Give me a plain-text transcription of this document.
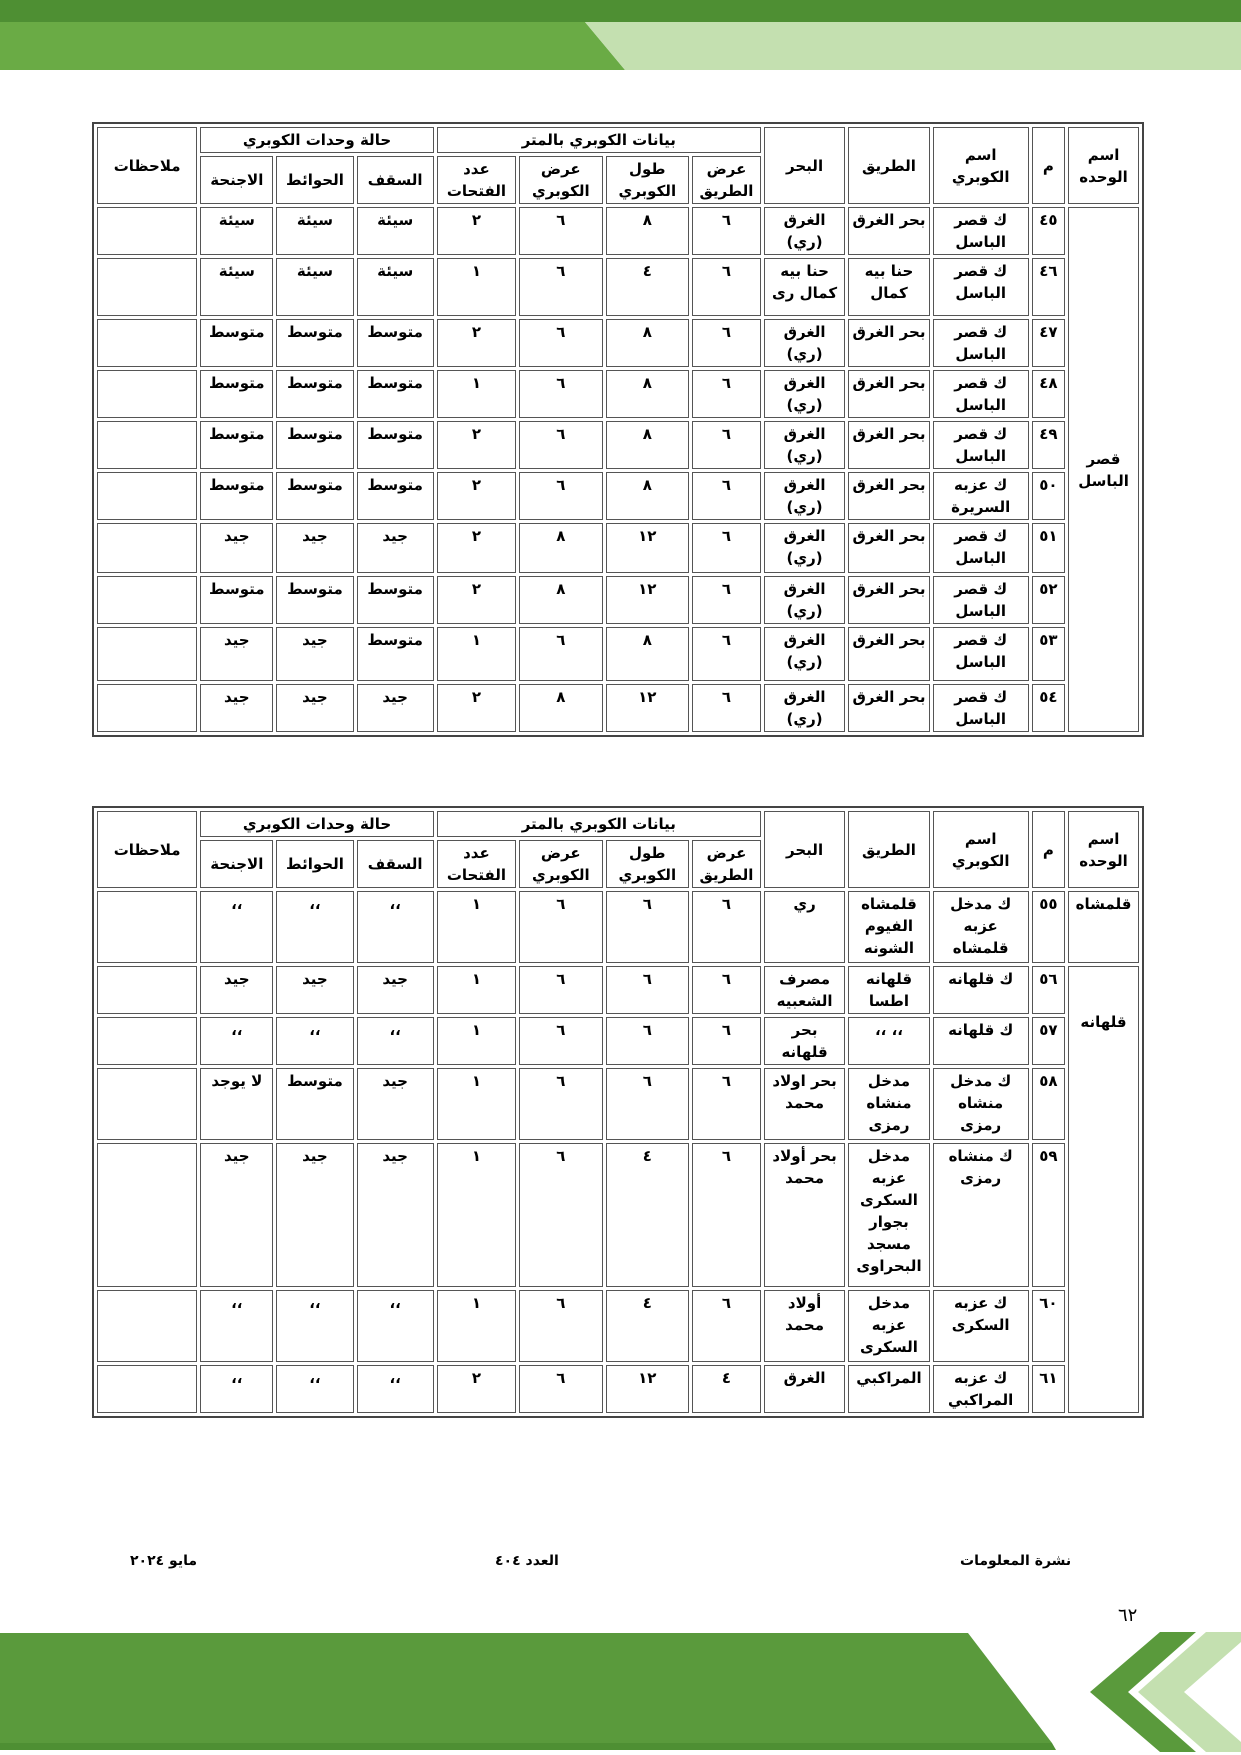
اسم الوحده	م	اسم الكوبري	الطريق	البحر	بيانات الكوبري بالمتر				حالة وحدات الكوبري			ملاحظات
					عرض الطريق	طول الكوبري	عرض الكوبري	عدد الفتحات	السقف	الحوائط	الاجنحة	
قصر الباسل	٤٥	ك قصر الباسل	بحر الغرق	الغرق (ري)	٦	٨	٦	٢	سيئة	سيئة	سيئة	
	٤٦	ك قصر الباسل	حنا بيه كمال	حنا بيه كمال رى	٦	٤	٦	١	سيئة	سيئة	سيئة	
	٤٧	ك قصر الباسل	بحر الغرق	الغرق (ري)	٦	٨	٦	٢	متوسط	متوسط	متوسط	
	٤٨	ك قصر الباسل	بحر الغرق	الغرق (ري)	٦	٨	٦	١	متوسط	متوسط	متوسط	
	٤٩	ك قصر الباسل	بحر الغرق	الغرق (ري)	٦	٨	٦	٢	متوسط	متوسط	متوسط	
	٥٠	ك عزبه السريرة	بحر الغرق	الغرق (ري)	٦	٨	٦	٢	متوسط	متوسط	متوسط	
	٥١	ك قصر الباسل	بحر الغرق	الغرق (ري)	٦	١٢	٨	٢	جيد	جيد	جيد	
	٥٢	ك قصر الباسل	بحر الغرق	الغرق (ري)	٦	١٢	٨	٢	متوسط	متوسط	متوسط	
	٥٣	ك قصر الباسل	بحر الغرق	الغرق (ري)	٦	٨	٦	١	متوسط	جيد	جيد	
	٥٤	ك قصر الباسل	بحر الغرق	الغرق (ري)	٦	١٢	٨	٢	جيد	جيد	جيد	
اسم الوحده	م	اسم الكوبري	الطريق	البحر	بيانات الكوبري بالمتر				حالة وحدات الكوبري			ملاحظات
					عرض الطريق	طول الكوبري	عرض الكوبري	عدد الفتحات	السقف	الحوائط	الاجنحة	
قلمشاه	٥٥	ك مدخل عزبه قلمشاه	قلمشاه الفيوم الشونه	ري	٦	٦	٦	١	،،	،،	،،	
قلهانه	٥٦	ك قلهانه	قلهانه اطسا	مصرف الشعبيه	٦	٦	٦	١	جيد	جيد	جيد	
	٥٧	ك قلهانه	،، ،،	بحر قلهانه	٦	٦	٦	١	،،	،،	،،	
	٥٨	ك مدخل منشاه رمزى	مدخل منشاه رمزى	بحر اولاد محمد	٦	٦	٦	١	جيد	متوسط	لا يوجد	
	٥٩	ك منشاه رمزى	مدخل عزبه السكرى بجوار مسجد البحراوى	بحر أولاد محمد	٦	٤	٦	١	جيد	جيد	جيد	
	٦٠	ك عزبه السكرى	مدخل عزبه السكرى	أولاد محمد	٦	٤	٦	١	،،	،،	،،	
	٦١	ك عزبه المراكبي	المراكبي	الغرق	٤	١٢	٦	٢	،،	،،	،،	
نشرة المعلومات
العدد ٤٠٤
مايو ٢٠٢٤
٦٢
